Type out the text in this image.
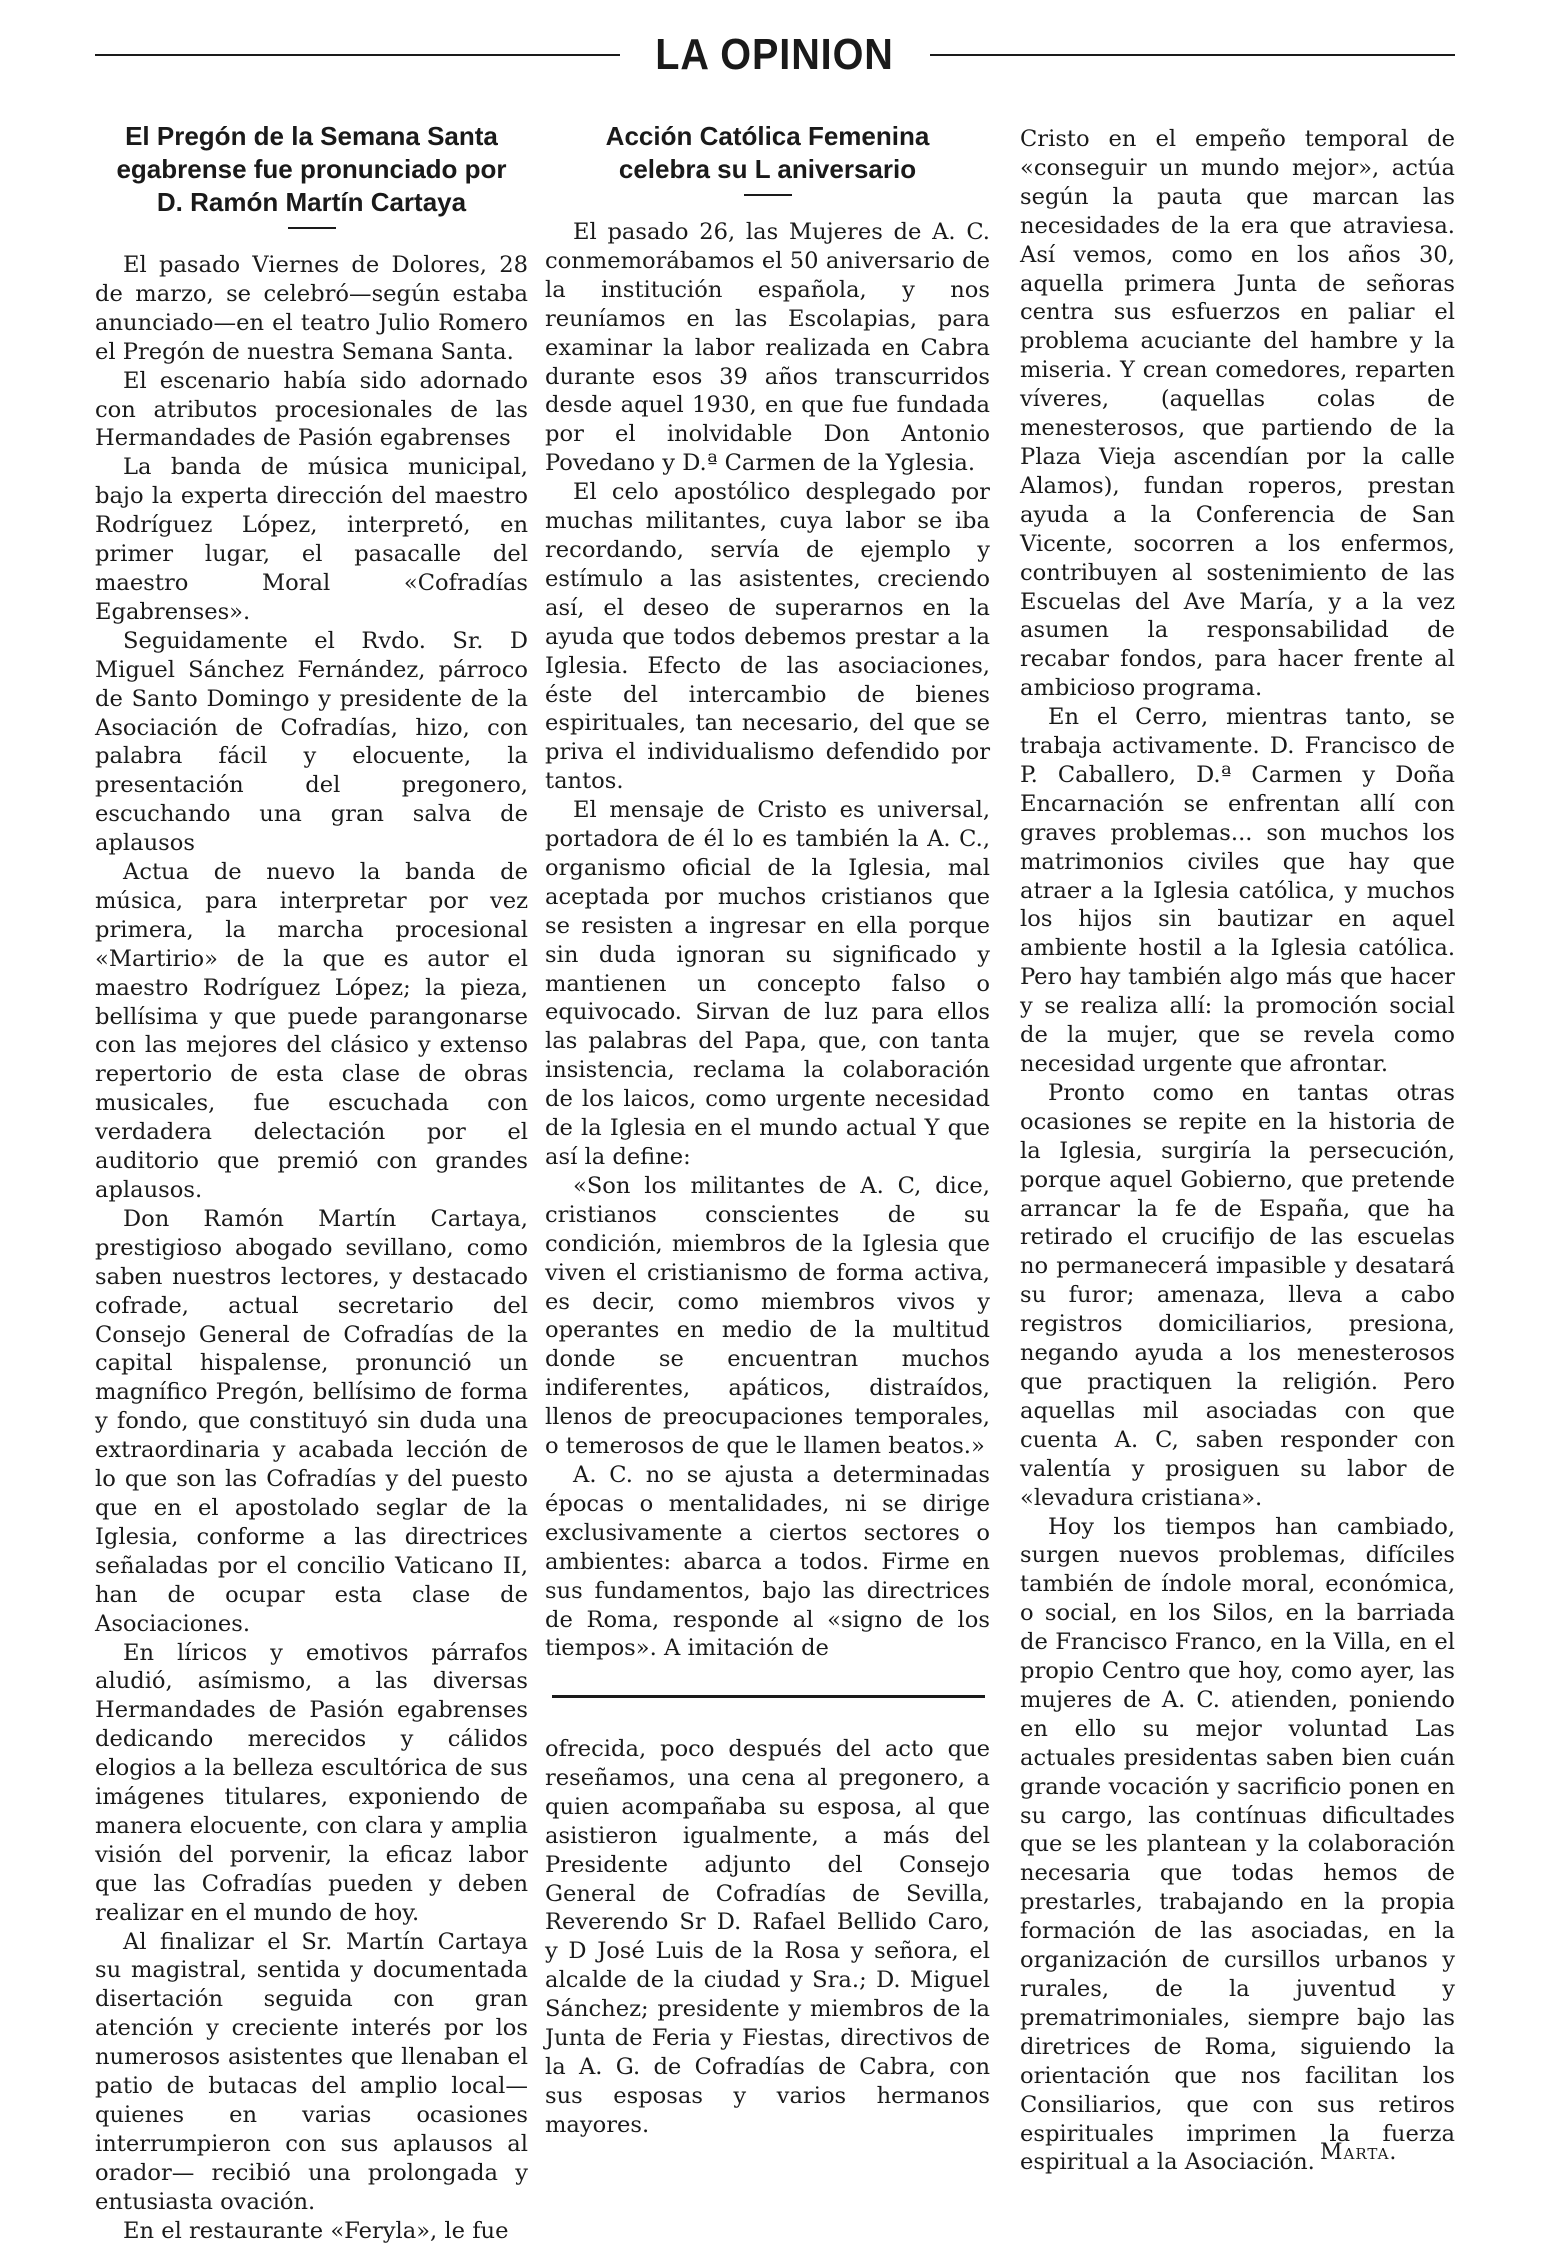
LA OPINION
El Pregón de la Semana Santa
egabrense fue pronunciado por
D. Ramón Martín Cartaya

El pasado Viernes de Dolores, 28 de marzo, se celebró—según estaba anunciado—en el teatro Julio Romero el Pregón de nuestra Semana Santa.

El escenario había sido adornado con atributos procesionales de las Hermandades de Pasión egabrenses

La banda de música municipal, bajo la experta dirección del maestro Rodríguez López, interpretó, en primer lugar, el pasacalle del maestro Moral «Cofradías Egabrenses».

Seguidamente el Rvdo. Sr. D Miguel Sánchez Fernández, párroco de Santo Domingo y presidente de la Asociación de Cofradías, hizo, con palabra fácil y elocuente, la presentación del pregonero, escuchando una gran salva de aplausos

Actua de nuevo la banda de música, para interpretar por vez primera, la marcha procesional «Martirio» de la que es autor el maestro Rodríguez López; la pieza, bellísima y que puede parangonarse con las mejores del clásico y extenso repertorio de esta clase de obras musicales, fue escuchada con verdadera delectación por el auditorio que premió con grandes aplausos.

Don Ramón Martín Cartaya, prestigioso abogado sevillano, como saben nuestros lectores, y destacado cofrade, actual secretario del Consejo General de Cofradías de la capital hispalense, pronunció un magnífico Pregón, bellísimo de forma y fondo, que constituyó sin duda una extraordinaria y acabada lección de lo que son las Cofradías y del puesto que en el apostolado seglar de la Iglesia, conforme a las directrices señaladas por el concilio Vaticano II, han de ocupar esta clase de Asociaciones.

En líricos y emotivos párrafos aludió, asímismo, a las diversas Hermandades de Pasión egabrenses dedicando merecidos y cálidos elogios a la belleza escultórica de sus imágenes titulares, exponiendo de manera elocuente, con clara y amplia visión del porvenir, la eficaz labor que las Cofradías pueden y deben realizar en el mundo de hoy.

Al finalizar el Sr. Martín Cartaya su magistral, sentida y documentada disertación seguida con gran atención y creciente interés por los numerosos asistentes que llenaban el patio de butacas del amplio local—quienes en varias ocasiones interrumpieron con sus aplausos al orador— recibió una prolongada y entusiasta ovación.

En el restaurante «Feryla», le fue

Acción Católica Femenina
celebra su L aniversario

El pasado 26, las Mujeres de A. C. conmemorábamos el 50 aniversario de la institución española, y nos reuníamos en las Escolapias, para examinar la labor realizada en Cabra durante esos 39 años transcurridos desde aquel 1930, en que fue fundada por el inolvidable Don Antonio Povedano y D.ª Carmen de la Yglesia.

El celo apostólico desplegado por muchas militantes, cuya labor se iba recordando, servía de ejemplo y estímulo a las asistentes, creciendo así, el deseo de superarnos en la ayuda que todos debemos prestar a la Iglesia. Efecto de las asociaciones, éste del intercambio de bienes espirituales, tan necesario, del que se priva el individualismo defendido por tantos.

El mensaje de Cristo es universal, portadora de él lo es también la A. C., organismo oficial de la Iglesia, mal aceptada por muchos cristianos que se resisten a ingresar en ella porque sin duda ignoran su significado y mantienen un concepto falso o equivocado. Sirvan de luz para ellos las palabras del Papa, que, con tanta insistencia, reclama la colaboración de los laicos, como urgente necesidad de la Iglesia en el mundo actual Y que así la define:

«Son los militantes de A. C, dice, cristianos conscientes de su condición, miembros de la Iglesia que viven el cristianismo de forma activa, es decir, como miembros vivos y operantes en medio de la multitud donde se encuentran muchos indiferentes, apáticos, distraídos, llenos de preocupaciones temporales, o temerosos de que le llamen beatos.»

A. C. no se ajusta a determinadas épocas o mentalidades, ni se dirige exclusivamente a ciertos sectores o ambientes: abarca a todos. Firme en sus fundamentos, bajo las directrices de Roma, responde al «signo de los tiempos». A imitación de

ofrecida, poco después del acto que reseñamos, una cena al pregonero, a quien acompañaba su esposa, al que asistieron igualmente, a más del Presidente adjunto del Consejo General de Cofradías de Sevilla, Reverendo Sr D. Rafael Bellido Caro, y D José Luis de la Rosa y señora, el alcalde de la ciudad y Sra.; D. Miguel Sánchez; presidente y miembros de la Junta de Feria y Fiestas, directivos de la A. G. de Cofradías de Cabra, con sus esposas y varios hermanos mayores.

Cristo en el empeño temporal de «conseguir un mundo mejor», actúa según la pauta que marcan las necesidades de la era que atraviesa. Así vemos, como en los años 30, aquella primera Junta de señoras centra sus esfuerzos en paliar el problema acuciante del hambre y la miseria. Y crean comedores, reparten víveres, (aquellas colas de menesterosos, que partiendo de la Plaza Vieja ascendían por la calle Alamos), fundan roperos, prestan ayuda a la Conferencia de San Vicente, socorren a los enfermos, contribuyen al sostenimiento de las Escuelas del Ave María, y a la vez asumen la responsabilidad de recabar fondos, para hacer frente al ambicioso programa.

En el Cerro, mientras tanto, se trabaja activamente. D. Francisco de P. Caballero, D.ª Carmen y Doña Encarnación se enfrentan allí con graves problemas... son muchos los matrimonios civiles que hay que atraer a la Iglesia católica, y muchos los hijos sin bautizar en aquel ambiente hostil a la Iglesia católica. Pero hay también algo más que hacer y se realiza allí: la promoción social de la mujer, que se revela como necesidad urgente que afrontar.

Pronto como en tantas otras ocasiones se repite en la historia de la Iglesia, surgiría la persecución, porque aquel Gobierno, que pretende arrancar la fe de España, que ha retirado el crucifijo de las escuelas no permanecerá impasible y desatará su furor; amenaza, lleva a cabo registros domiciliarios, presiona, negando ayuda a los menesterosos que practiquen la religión. Pero aquellas mil asociadas con que cuenta A. C, saben responder con valentía y prosiguen su labor de «levadura cristiana».

Hoy los tiempos han cambiado, surgen nuevos problemas, difíciles también de índole moral, económica, o social, en los Silos, en la barriada de Francisco Franco, en la Villa, en el propio Centro que hoy, como ayer, las mujeres de A. C. atienden, poniendo en ello su mejor voluntad Las actuales presidentas saben bien cuán grande vocación y sacrificio ponen en su cargo, las contínuas dificultades que se les plantean y la colaboración necesaria que todas hemos de prestarles, trabajando en la propia formación de las asociadas, en la organización de cursillos urbanos y rurales, de la juventud y prematrimoniales, siempre bajo las diretrices de Roma, siguiendo la orientación que nos facilitan los Consiliarios, que con sus retiros espirituales imprimen la fuerza espiritual a la Asociación. Marta.
